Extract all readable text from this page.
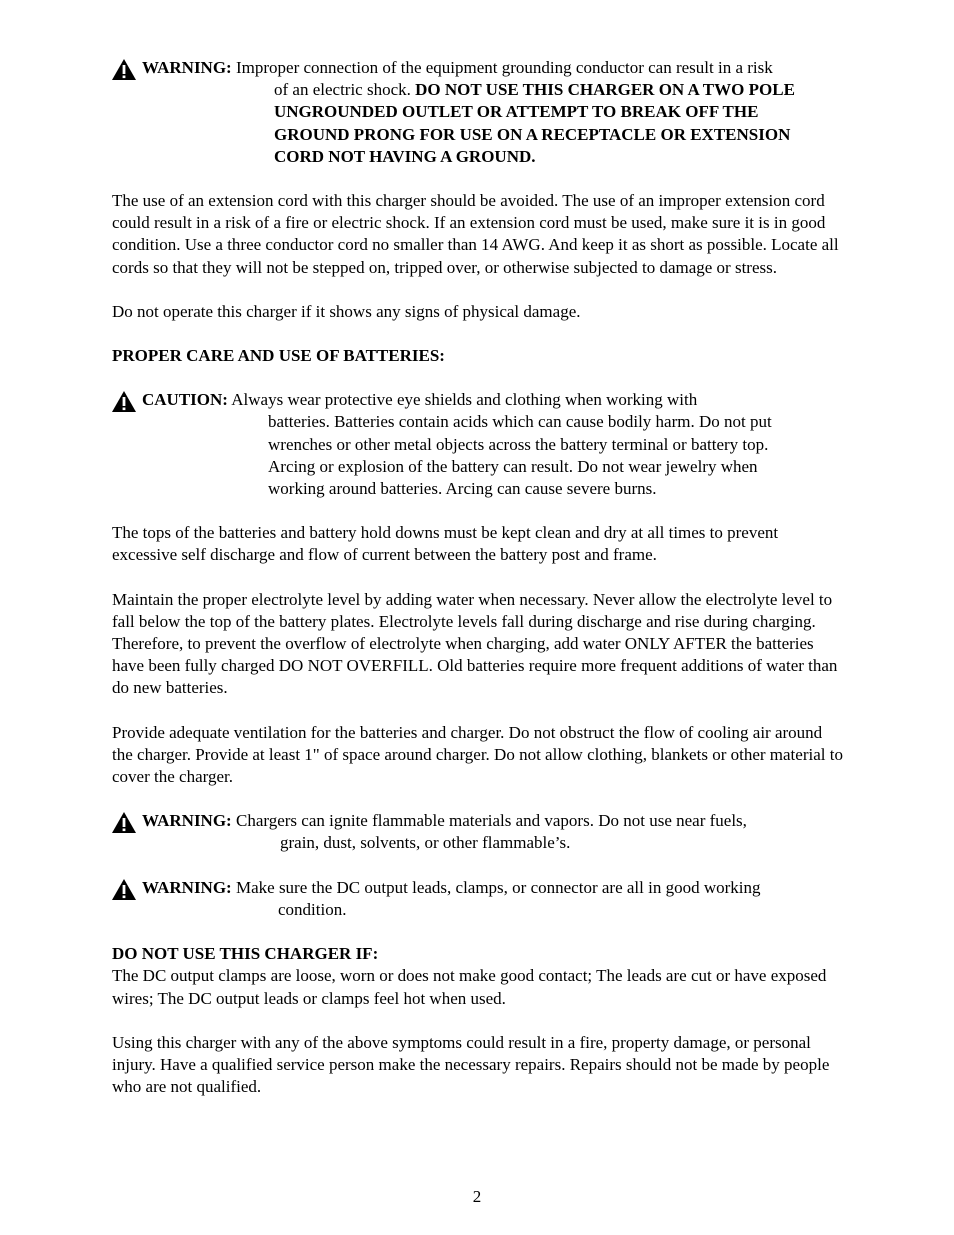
WARNING: Improper connection of the equipment grounding conductor can result in a risk
of an electric shock. DO NOT USE THIS CHARGER ON A TWO POLE
UNGROUNDED OUTLET OR ATTEMPT TO BREAK OFF THE
GROUND PRONG FOR USE ON A RECEPTACLE OR EXTENSION
CORD NOT HAVING A GROUND.

The use of an extension cord with this charger should be avoided. The use of an improper extension cord could result in a risk of a fire or electric shock. If an extension cord must be used, make sure it is in good condition. Use a three conductor cord no smaller than 14 AWG. And keep it as short as possible. Locate all cords so that they will not be stepped on, tripped over, or otherwise subjected to damage or stress.

Do not operate this charger if it shows any signs of physical damage.

PROPER CARE AND USE OF BATTERIES:
CAUTION: Always wear protective eye shields and clothing when working with
batteries. Batteries contain acids which can cause bodily harm. Do not put
wrenches or other metal objects across the battery terminal or battery top.
Arcing or explosion of the battery can result. Do not wear jewelry when
working around batteries. Arcing can cause severe burns.

The tops of the batteries and battery hold downs must be kept clean and dry at all times to prevent excessive self discharge and flow of current between the battery post and frame.

Maintain the proper electrolyte level by adding water when necessary. Never allow the electrolyte level to fall below the top of the battery plates. Electrolyte levels fall during discharge and rise during charging. Therefore, to prevent the overflow of electrolyte when charging, add water ONLY AFTER the batteries have been fully charged DO NOT OVERFILL. Old batteries require more frequent additions of water than do new batteries.

Provide adequate ventilation for the batteries and charger. Do not obstruct the flow of cooling air around the charger. Provide at least 1" of space around charger. Do not allow clothing, blankets or other material to cover the charger.

WARNING: Chargers can ignite flammable materials and vapors. Do not use near fuels,
grain, dust, solvents, or other flammable’s.
WARNING: Make sure the DC output leads, clamps, or connector are all in good working
condition.
DO NOT USE THIS CHARGER IF:

The DC output clamps are loose, worn or does not make good contact; The leads are cut or have exposed wires; The DC output leads or clamps feel hot when used.

Using this charger with any of the above symptoms could result in a fire, property damage, or personal injury. Have a qualified service person make the necessary repairs. Repairs should not be made by people who are not qualified.

2
